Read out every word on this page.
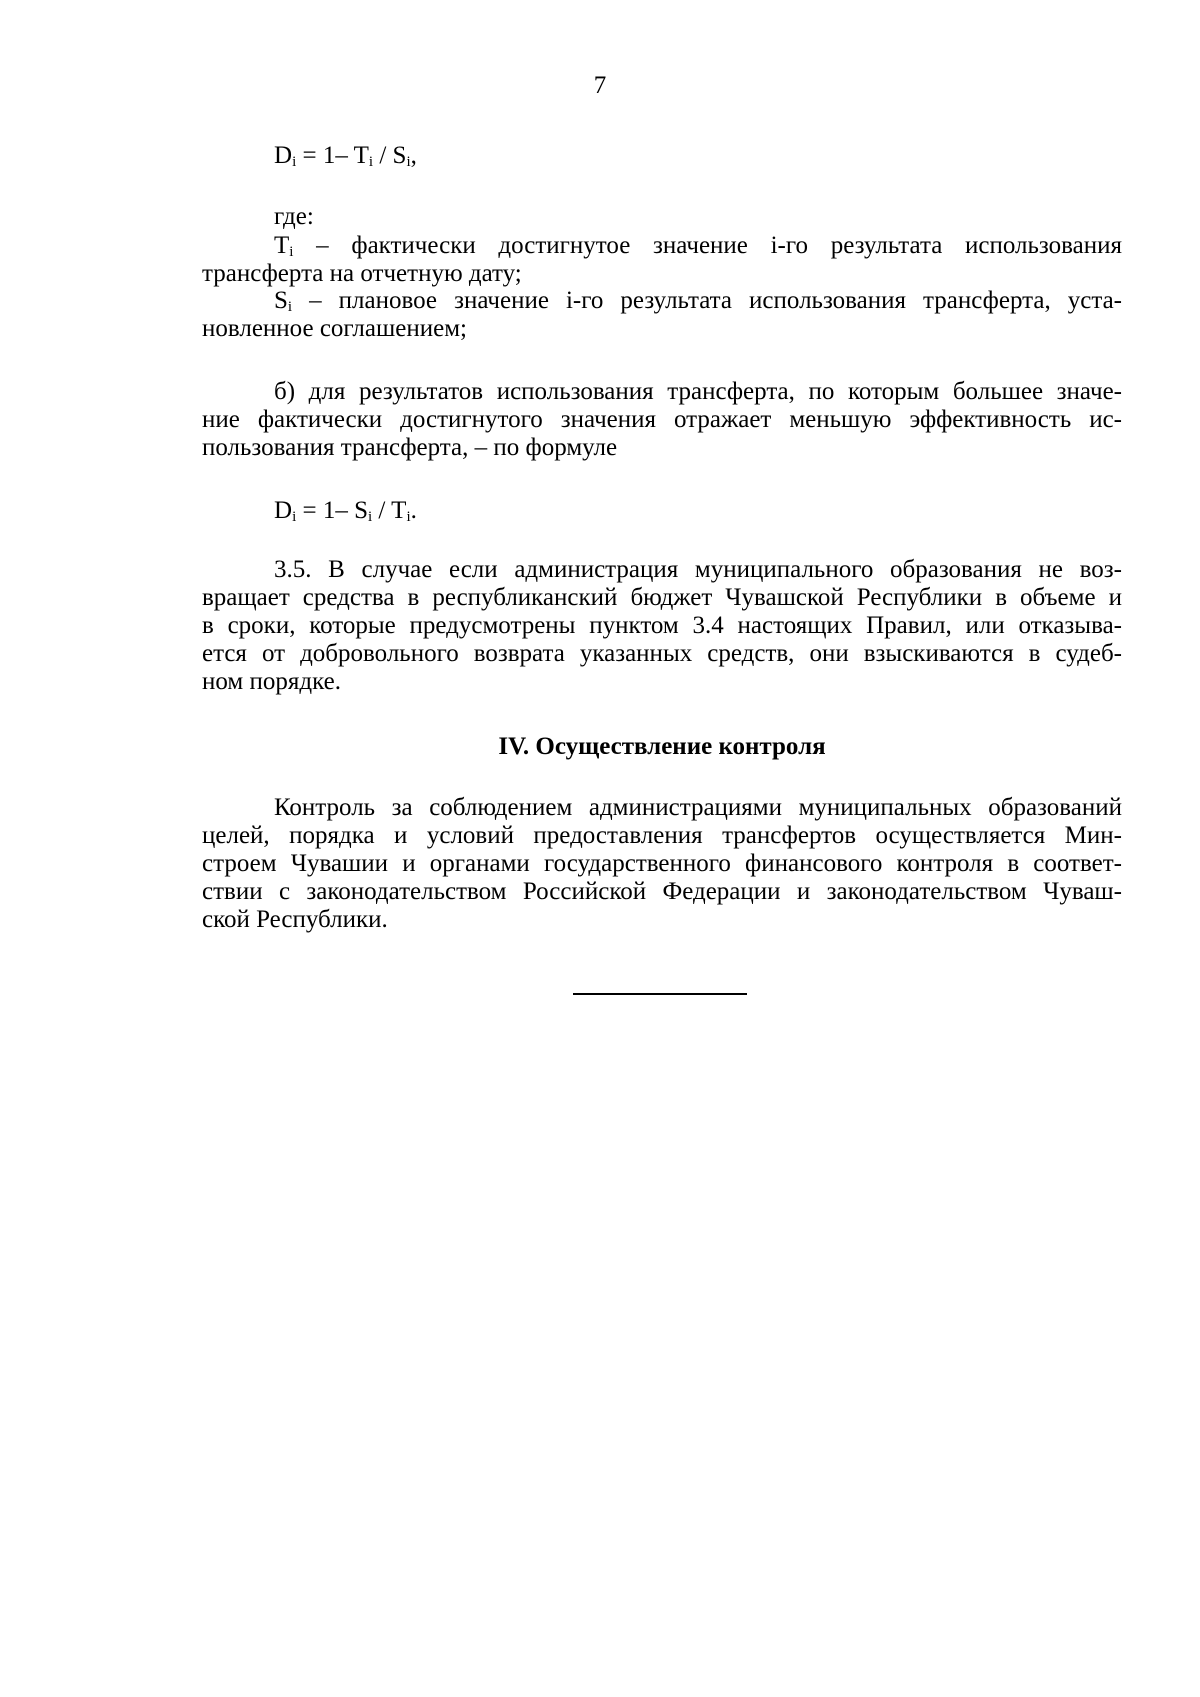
7
$D_i = 1-$ $T_i / S_i$,
где:
$T_i$ – фактически достигнутое значение i-го результата использования
трансферта на отчетную дату;
$S_i$ – плановое значение i-го результата использования трансферта, уста-
новленное соглашением;
б) для результатов использования трансферта, по которым большее значе-
ние фактически достигнутого значения отражает меньшую эффективность ис-
пользования трансферта, – по формуле
$D_i = 1-$ $S_i / T_i$.
3.5. В случае если администрация муниципального образования не воз-
вращает средства в республиканский бюджет Чувашской Республики в объеме и
в сроки, которые предусмотрены пунктом 3.4 настоящих Правил, или отказыва-
ется от добровольного возврата указанных средств, они взыскиваются в судеб-
ном порядке.
IV. Осуществление контроля
Контроль за соблюдением администрациями муниципальных образований
целей, порядка и условий предоставления трансфертов осуществляется Мин-
строем Чувашии и органами государственного финансового контроля в соответ-
ствии с законодательством Российской Федерации и законодательством Чуваш-
ской Республики.
